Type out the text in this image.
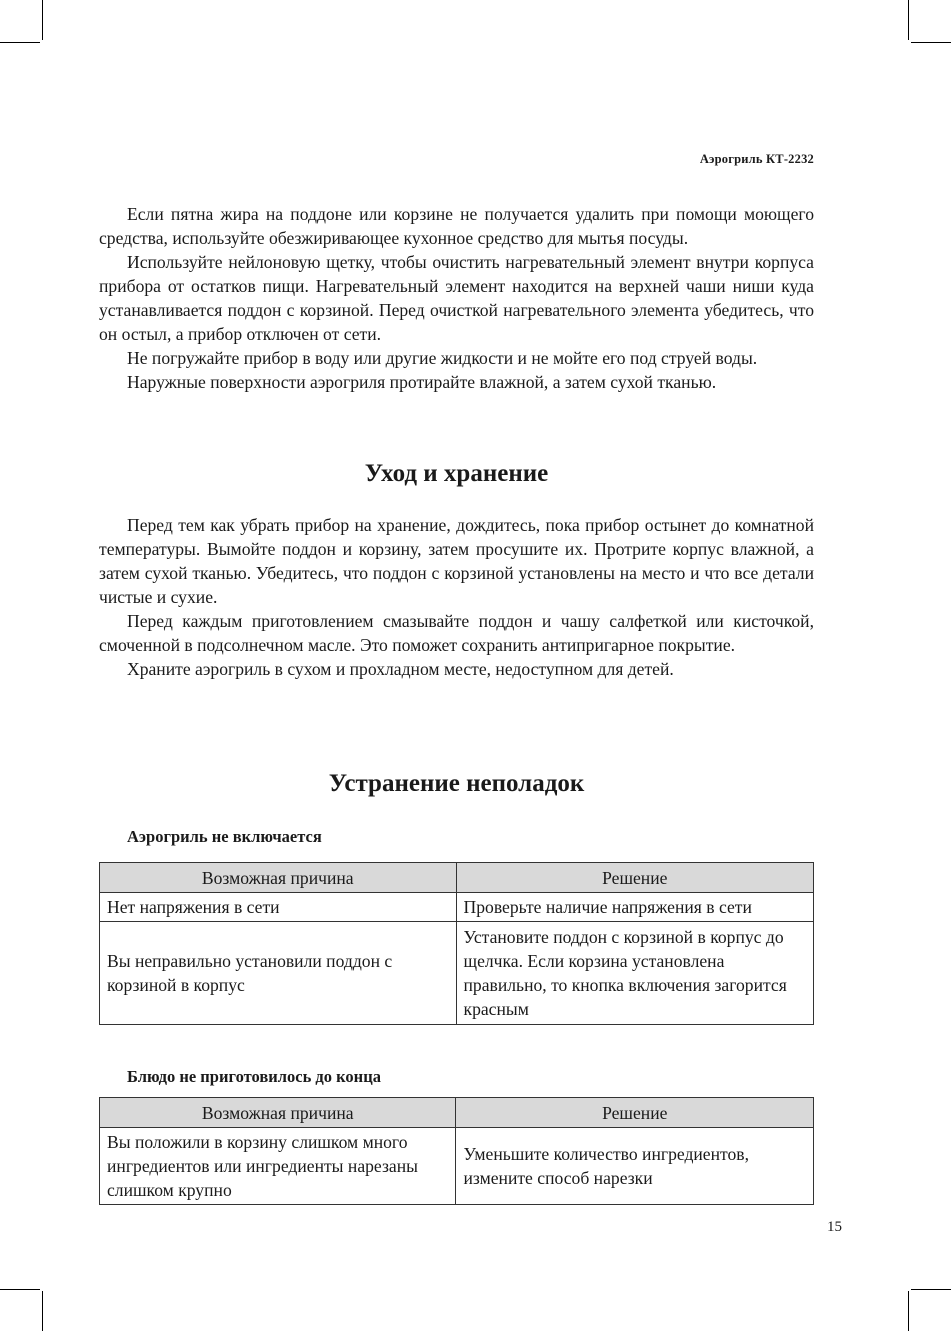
Аэрогриль КТ-2232

Если пятна жира на поддоне или корзине не получается удалить при помощи моющего средства, используйте обезжиривающее кухонное средство для мытья посуды.

Используйте нейлоновую щетку, чтобы очистить нагревательный элемент внутри корпуса прибора от остатков пищи. Нагревательный элемент находится на верхней чаши ниши куда устанавливается поддон с корзиной. Перед очисткой нагревательного элемента убедитесь, что он остыл, а прибор отключен от сети.

Не погружайте прибор в воду или другие жидкости и не мойте его под струей воды.

Наружные поверхности аэрогриля протирайте влажной, а затем сухой тканью.

Уход и хранение

Перед тем как убрать прибор на хранение, дождитесь, пока прибор остынет до комнатной температуры. Вымойте поддон и корзину, затем просушите их. Протрите корпус влажной, а затем сухой тканью. Убедитесь, что поддон с корзиной установлены на место и что все детали чистые и сухие.

Перед каждым приготовлением смазывайте поддон и чашу салфеткой или кисточкой, смоченной в подсолнечном масле. Это поможет сохранить антипригарное покрытие.

Храните аэрогриль в сухом и прохладном месте, недоступном для детей.

Устранение неполадок
Аэрогриль не включается
Возможная причина	Решение
Нет напряжения в сети	Проверьте наличие напряжения в сети
Вы неправильно установили поддон с корзиной в корпус	Установите поддон с корзиной в корпус до щелчка. Если корзина установлена правильно, то кнопка включения загорится красным
Блюдо не приготовилось до конца
Возможная причина	Решение
Вы положили в корзину слишком много ингредиентов или ингредиенты нарезаны слишком крупно	Уменьшите количество ингредиентов, измените способ нарезки
15
